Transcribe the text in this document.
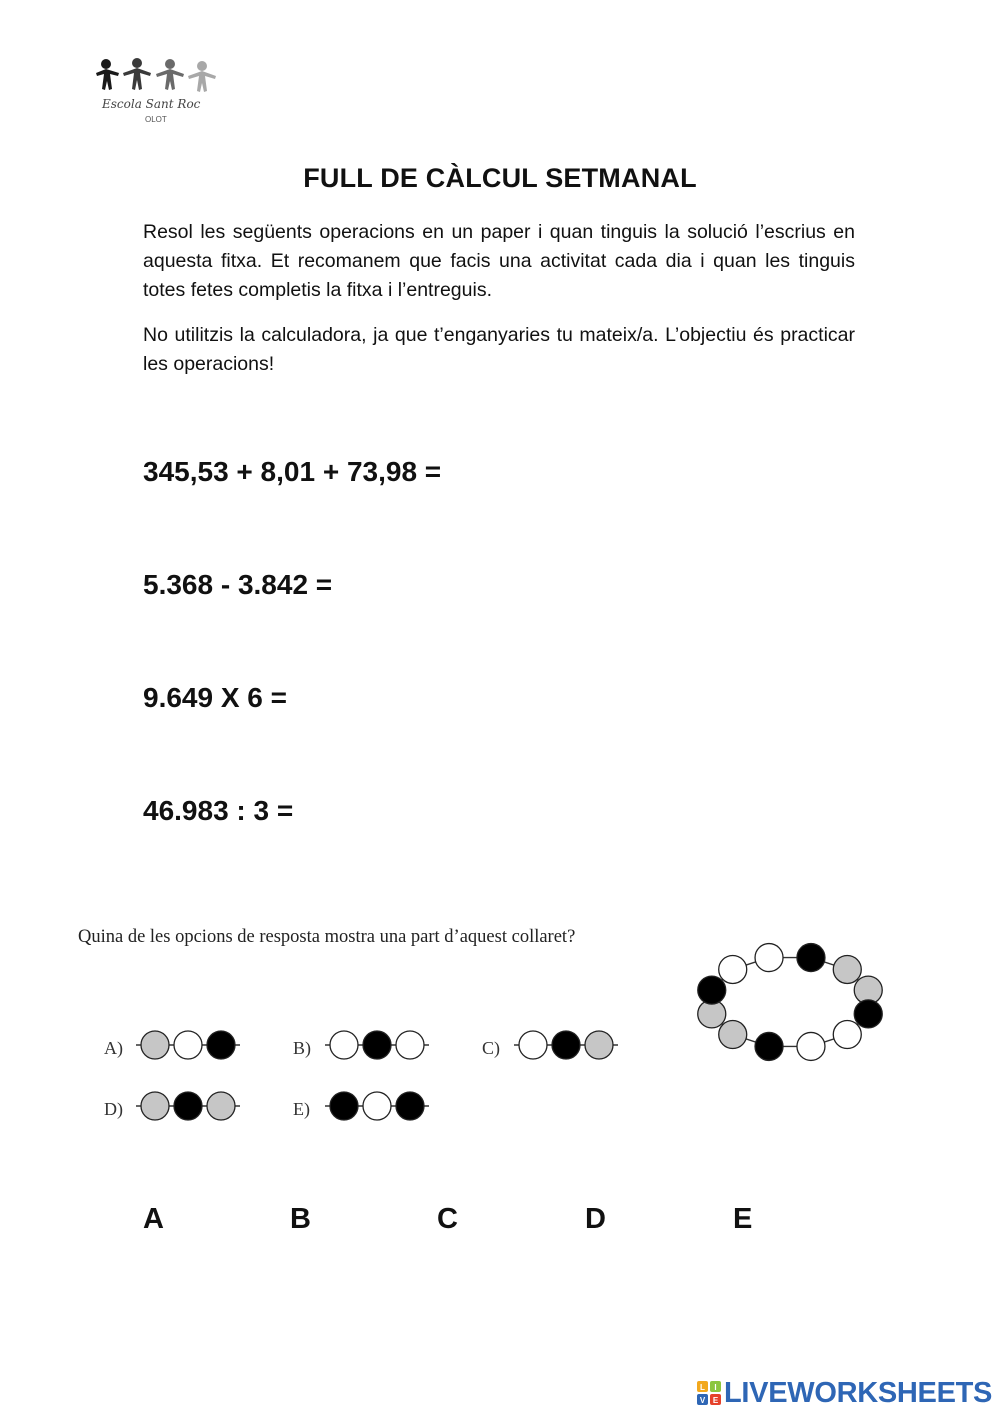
Escola Sant Roc
OLOT
FULL DE CÀLCUL SETMANAL
Resol les següents operacions en un paper i quan tinguis la solució l’escrius en aquesta fitxa. Et recomanem que facis una activitat cada dia i quan les tinguis totes fetes completis la fitxa i l’entreguis.
No utilitzis la calculadora, ja que t’enganyaries tu mateix/a. L’objectiu és practicar les operacions!
345,53 + 8,01 + 73,98 =
5.368 - 3.842 =
9.649 X 6 =
46.983 : 3 =
Quina de les opcions de resposta mostra una part d’aquest collaret?
A)	B)	C)
D)	E)
A	B	C	D	E
L I
V E LIVEWORKSHEETS
